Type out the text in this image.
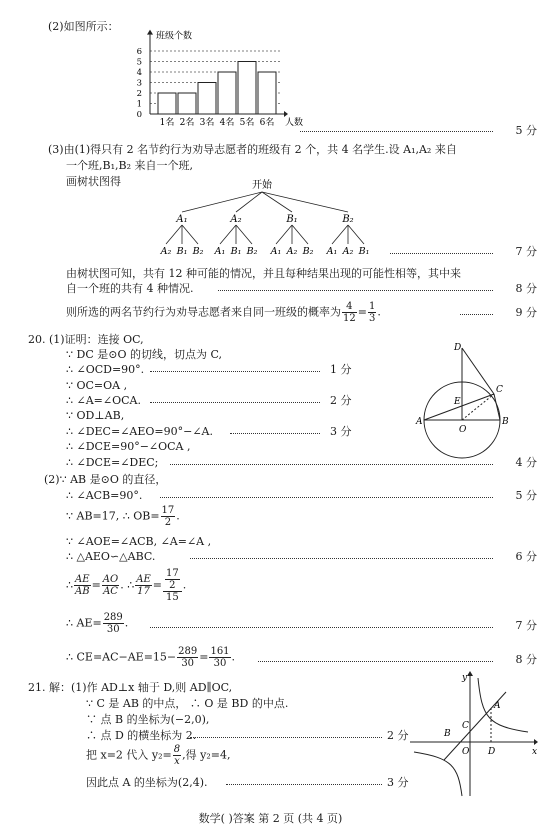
(2)如图所示：
0
1
2
3
4
5
6
班级个数
1名 2名 3名 4名 5名 6名 人数
5 分
(3)由(1)得只有 2 名节约行为劝导志愿者的班级有 2 个，共 4 名学生.设 A₁,A₂ 来自
一个班,B₁,B₂ 来自一个班,
画树状图得	开始
A₁
A₂ B₁ B₂
A₂
A₁ B₁ B₂
B₁
A₁ A₂ B₂
B₂
A₁ A₂ B₁	7 分
由树状图可知，共有 12 种可能的情况，并且每种结果出现的可能性相等，其中来
自一个班的共有 4 种情况.	8 分
则所选的两名节约行为劝导志愿者来自同一班级的概率为 $\frac{4}{12} = \frac{1}{3}$ .	9 分
20. (1)证明：连接 OC,
∵ DC 是⊙O 的切线，切点为 C,
∴ ∠OCD=90°.	1 分
∵ OC=OA ,
∴ ∠A=∠OCA.	2 分
∵ OD⊥AB,
∴ ∠DEC=∠AEO=90°−∠A.	3 分
∴ ∠DCE=90°−∠OCA ,
∴ ∠DCE=∠DEC;	4 分
D
C
E
A
O
B
(2)∵ AB 是⊙O 的直径，
∴ ∠ACB=90°.	5 分
∵ AB=17, ∴ $OB= \frac{17}{2}$ .
∵ ∠AOE=∠ACB, ∠A=∠A ,
∴ △AEO∽△ABC.	6 分
∴ $\frac{AE}{AB} = \frac{AO}{AC}$ . ∴ $\frac{AE}{17} = \frac{\frac{17}{2}}{15}$ .
∴ $AE= \frac{289}{30}$ .	7 分
∴ $CE=AC-AE=15- \frac{289}{30} = \frac{161}{30}$ .	8 分
21. 解：(1)作 AD⊥x 轴于 D,则 AD∥OC,
∵ C 是 AB 的中点， ∴ O 是 BD 的中点.
∵ 点 B 的坐标为(−2,0),
∴ 点 D 的横坐标为 2.	2 分
把 x=2 代入 $y_2= \frac{8}{x}$ ,得 y₂=4,
因此点 A 的坐标为(2,4).	3 分
y
A
C
B
O D	x
数学( )答案 第 2 页 (共 4 页)
